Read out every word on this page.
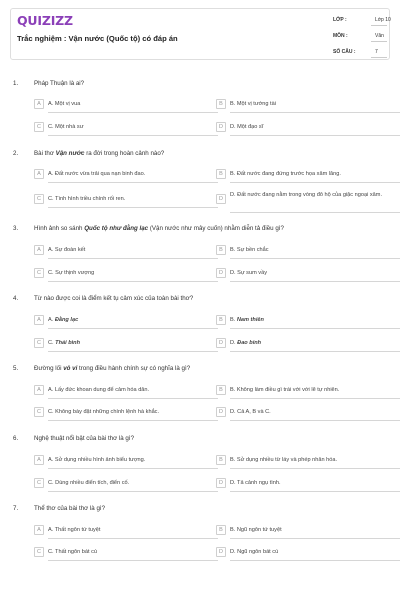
QUIZIZZ
Trắc nghiệm : Vận nước (Quốc tộ) có đáp án
LỚP :	Lớp 10
MÔN :	Văn
SỐ CÂU :	7
1.	Pháp Thuận là ai?
A	A. Một vị vua	B	B. Một vị tướng tài
C	C. Một nhà sư	D	D. Một đạo sĩ
2.	Bài thơ Vận nước ra đời trong hoàn cảnh nào?
A	A. Đất nước vừa trải qua nạn binh đao.	B	B. Đất nước đang đứng trước họa xâm lăng.
C	C. Tình hình triều chính rối ren.	D
D. Đất nước đang nằm trong vòng đô hộ của giặc ngoại xâm.
3.	Hình ảnh so sánh Quốc tộ như đằng lạc (Vận nước như mây cuốn) nhằm diễn tả điều gì?
A	A. Sự đoàn kết	B	B. Sự bền chắc
C	C. Sự thịnh vượng	D	D. Sự sum vầy
4.	Từ nào được coi là điểm kết tụ cảm xúc của toàn bài thơ?
A	A. Đằng lạc	B	B. Nam thiên
C	C. Thái bình	D	D. Đao binh
5.	Đường lối vô vi trong điều hành chính sự có nghĩa là gì?
A	A. Lấy đức khoan dung để cảm hóa dân.	B	B. Không làm điều gì trái với với lẽ tự nhiên.
C	C. Không bày đặt những chính lệnh hà khắc.	D	D. Cả A, B và C.
6.	Nghệ thuật nổi bật của bài thơ là gì?
A	A. Sử dụng nhiều hình ảnh biểu tượng.	B	B. Sử dụng nhiều từ láy và phép nhân hóa.
C	C. Dùng nhiều điển tích, điển cố.	D	D. Tả cảnh ngụ tình.
7.	Thể thơ của bài thơ là gì?
A	A. Thất ngôn tứ tuyệt	B	B. Ngũ ngôn tứ tuyệt
C	C. Thất ngôn bát cú	D	D. Ngũ ngôn bát cú
